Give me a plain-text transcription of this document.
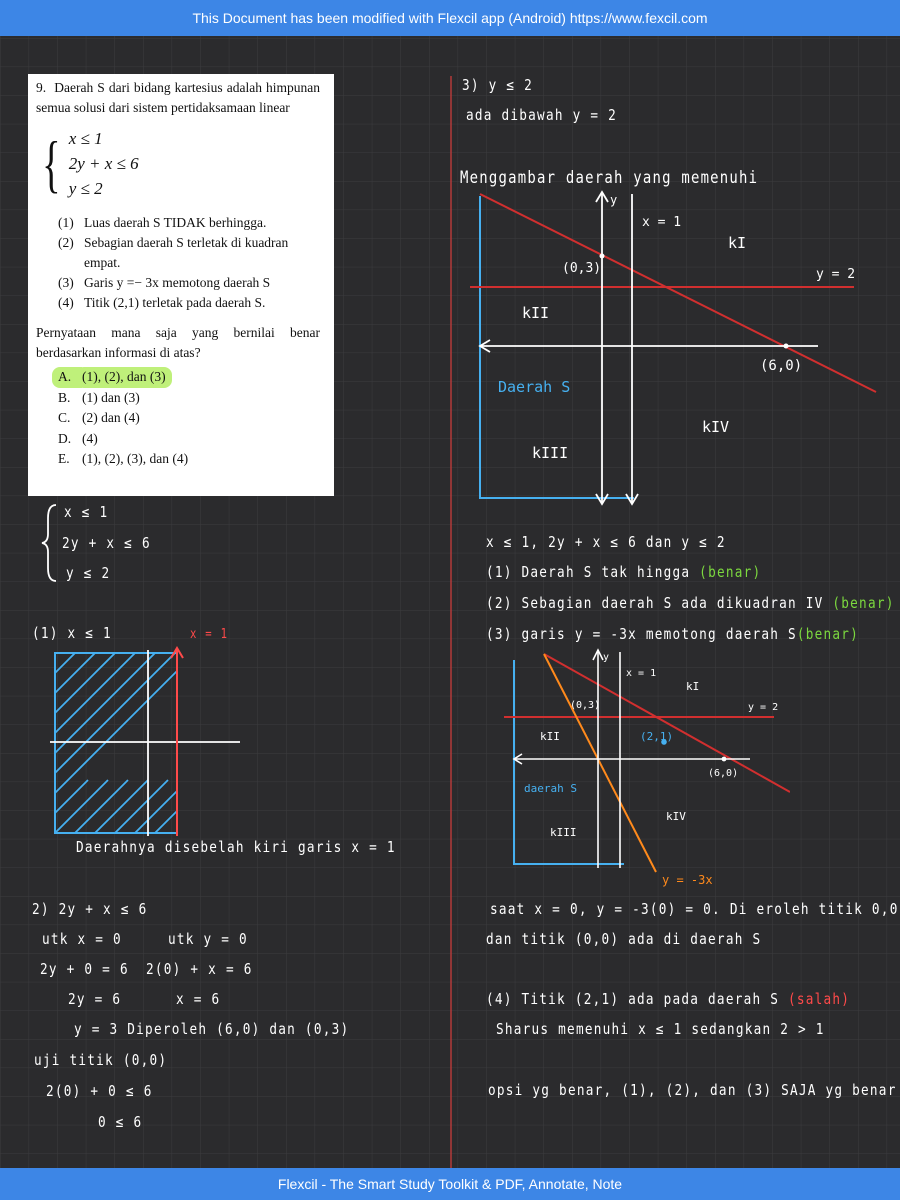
This Document has been modified with Flexcil app (Android) https://www.fexcil.com

9. Daerah S dari bidang kartesius adalah himpunan semua solusi dari sistem pertidaksamaan linear

{ x ≤ 1
2y + x ≤ 6
y ≤ 2
(1) Luas daerah S TIDAK berhingga.
(2) Sebagian daerah S terletak di kuadran empat.
(3) Garis y =− 3x memotong daerah S
(4) Titik (2,1) terletak pada daerah S.

Pernyataan mana saja yang bernilai benar berdasarkan informasi di atas?

A. (1), (2), dan (3)
B. (1) dan (3)
C. (2) dan (4)
D. (4)
E. (1), (2), (3), dan (4)
x ≤ 1
2y + x ≤ 6
y ≤ 2
(1) x ≤ 1	x = 1
Daerahnya disebelah kiri garis x = 1
2) 2y + x ≤ 6
utk x = 0	utk y = 0
2y + 0 = 6 2(0) + x = 6
2y = 6	x = 6
y = 3 Diperoleh (6,0) dan (0,3)
uji titik (0,0)
2(0) + 0 ≤ 6
0 ≤ 6
3) y ≤ 2
ada dibawah y = 2
Menggambar daerah yang memenuhi
y
x = 1
kI
(0,3)	y = 2
kII
(6,0)
Daerah S
kIV
kIII
x ≤ 1, 2y + x ≤ 6 dan y ≤ 2
(1) Daerah S tak hingga (benar)
(2) Sebagian daerah S ada dikuadran IV (benar)
(3) garis y = -3x memotong daerah S(benar)
y
x = 1
kI
(0,3)	y = 2
kII	(2,1)
(6,0)
daerah S
kIV
kIII
y = -3x
saat x = 0, y = -3(0) = 0. Di eroleh titik 0,0
dan titik (0,0) ada di daerah S
(4) Titik (2,1) ada pada daerah S (salah)
Sharus memenuhi x ≤ 1 sedangkan 2 > 1
opsi yg benar, (1), (2), dan (3) SAJA yg benar
Flexcil - The Smart Study Toolkit & PDF, Annotate, Note
